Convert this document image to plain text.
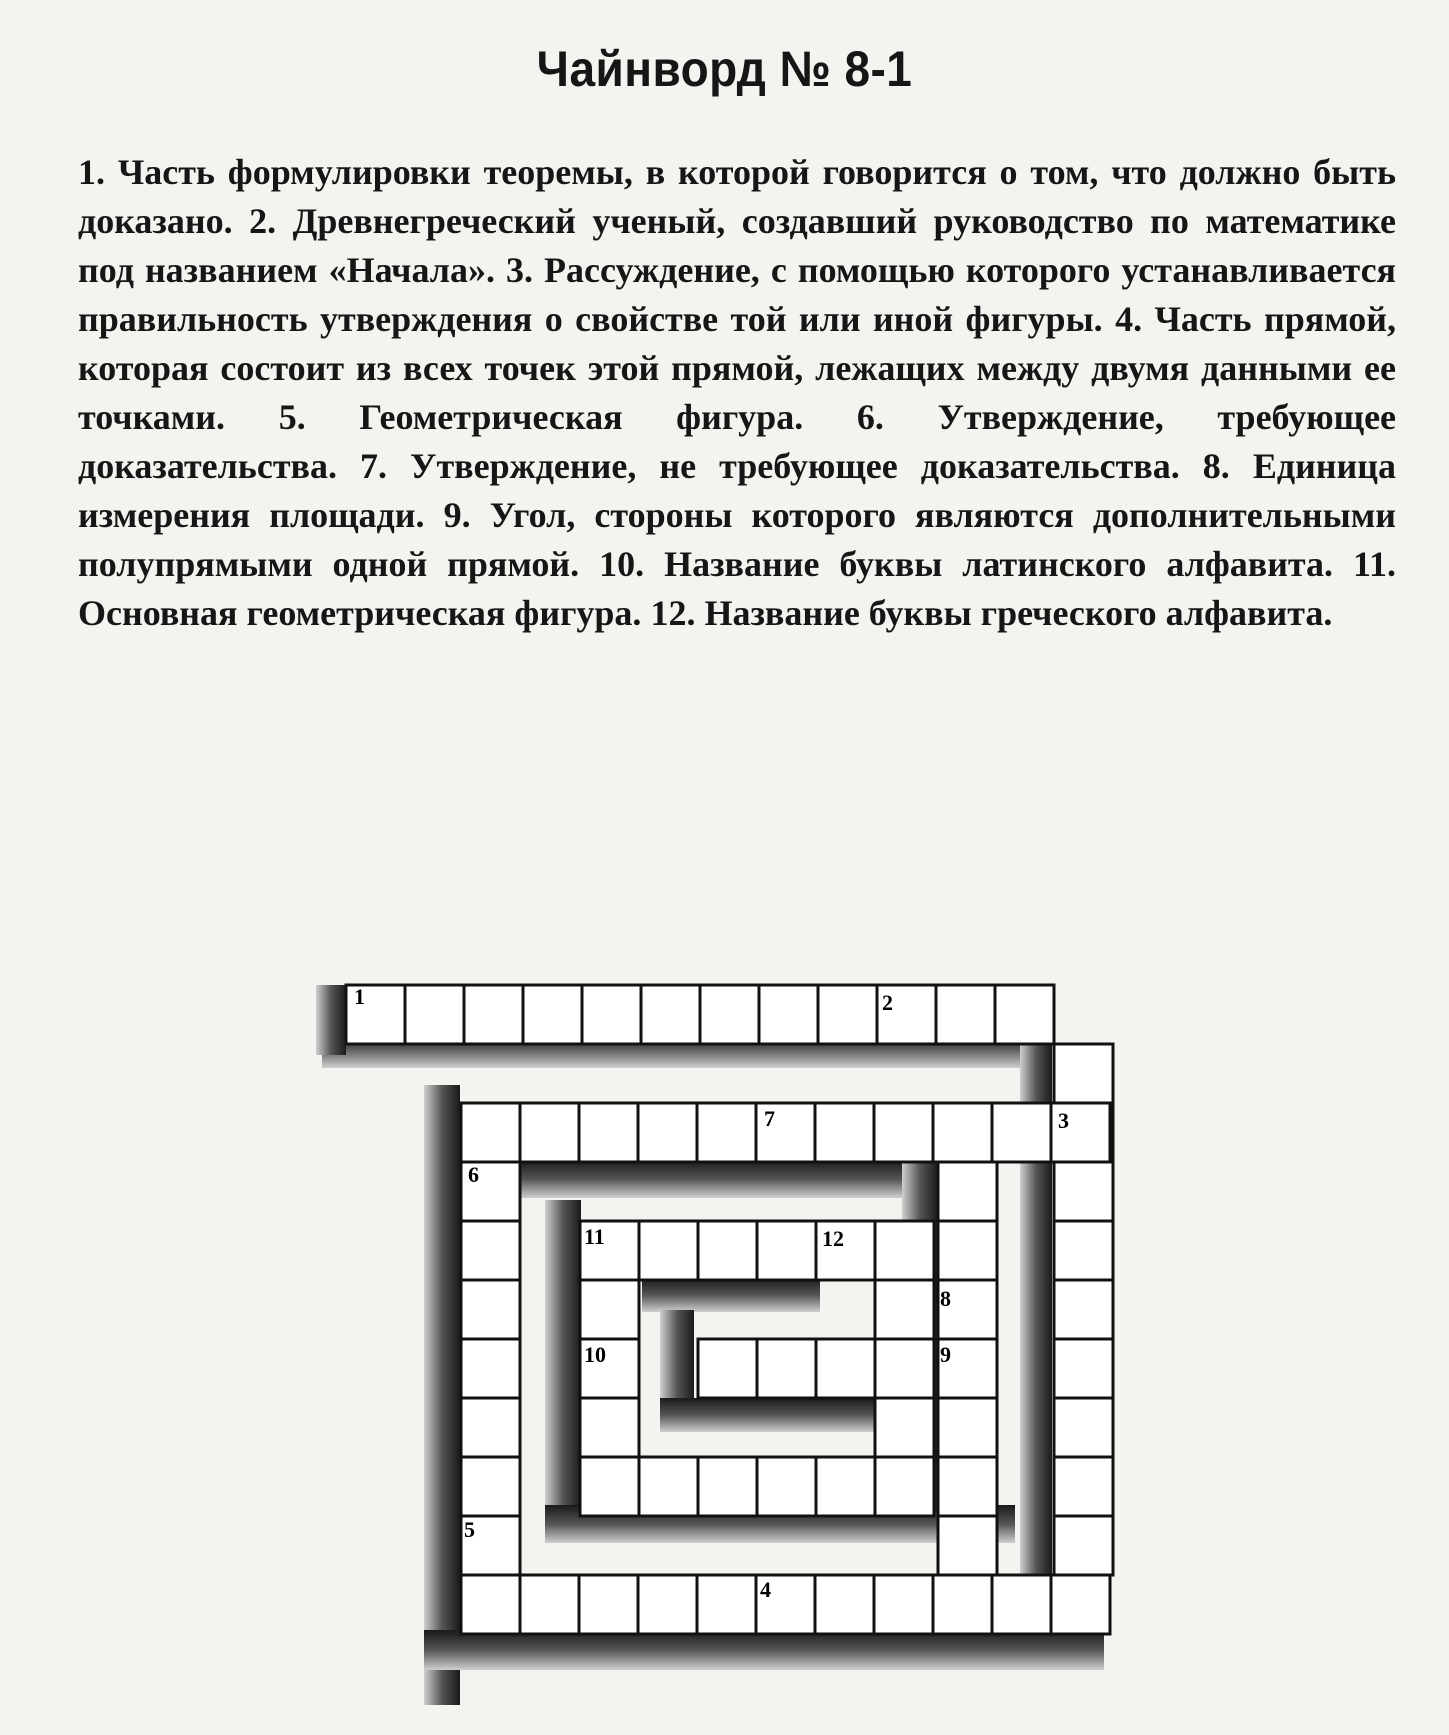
Чайнворд № 8-1
1. Часть формулировки теоремы, в которой говорится о том, что должно быть доказано. 2. Древнегреческий ученый, создавший руководство по математике под названием «Начала». 3. Рассуждение, с помощью которого устанавливается правильность утверждения о свойстве той или иной фигуры. 4. Часть прямой, которая состоит из всех точек этой прямой, лежащих между двумя данными ее точками. 5. Геометрическая фигура. 6. Утверждение, требующее доказательства. 7. Утверждение, не требующее доказательства. 8. Единица измерения площади. 9. Угол, стороны которого являются дополнительными полупрямыми одной прямой. 10. Название буквы латинского алфавита. 11. Основная геометрическая фигура. 12. Название буквы греческого алфавита.
1	2
3
4
5
6
7
8
9
10
11	12
